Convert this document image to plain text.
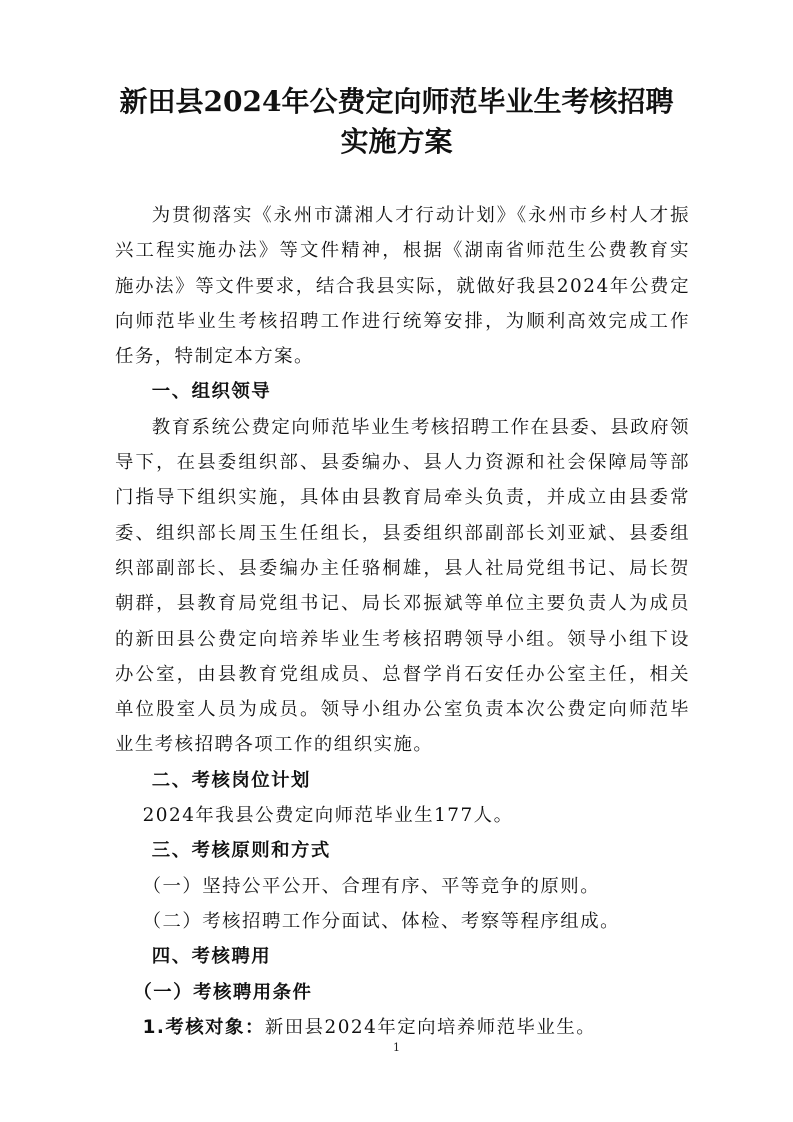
新田县2024年公费定向师范毕业生考核招聘
实施方案

为贯彻落实《永州市潇湘人才行动计划》《永州市乡村人才振兴工程实施办法》等文件精神，根据《湖南省师范生公费教育实施办法》等文件要求，结合我县实际，就做好我县2024年公费定向师范毕业生考核招聘工作进行统筹安排，为顺利高效完成工作任务，特制定本方案。

一、组织领导

教育系统公费定向师范毕业生考核招聘工作在县委、县政府领导下，在县委组织部、县委编办、县人力资源和社会保障局等部门指导下组织实施，具体由县教育局牵头负责，并成立由县委常委、组织部长周玉生任组长，县委组织部副部长刘亚斌、县委组织部副部长、县委编办主任骆桐雄，县人社局党组书记、局长贺朝群，县教育局党组书记、局长邓振斌等单位主要负责人为成员的新田县公费定向培养毕业生考核招聘领导小组。领导小组下设办公室，由县教育党组成员、总督学肖石安任办公室主任，相关单位股室人员为成员。领导小组办公室负责本次公费定向师范毕业生考核招聘各项工作的组织实施。

二、考核岗位计划

2024年我县公费定向师范毕业生177人。

三、考核原则和方式

（一）坚持公平公开、合理有序、平等竞争的原则。

（二）考核招聘工作分面试、体检、考察等程序组成。

四、考核聘用

（一）考核聘用条件

1.考核对象：新田县2024年定向培养师范毕业生。

1
